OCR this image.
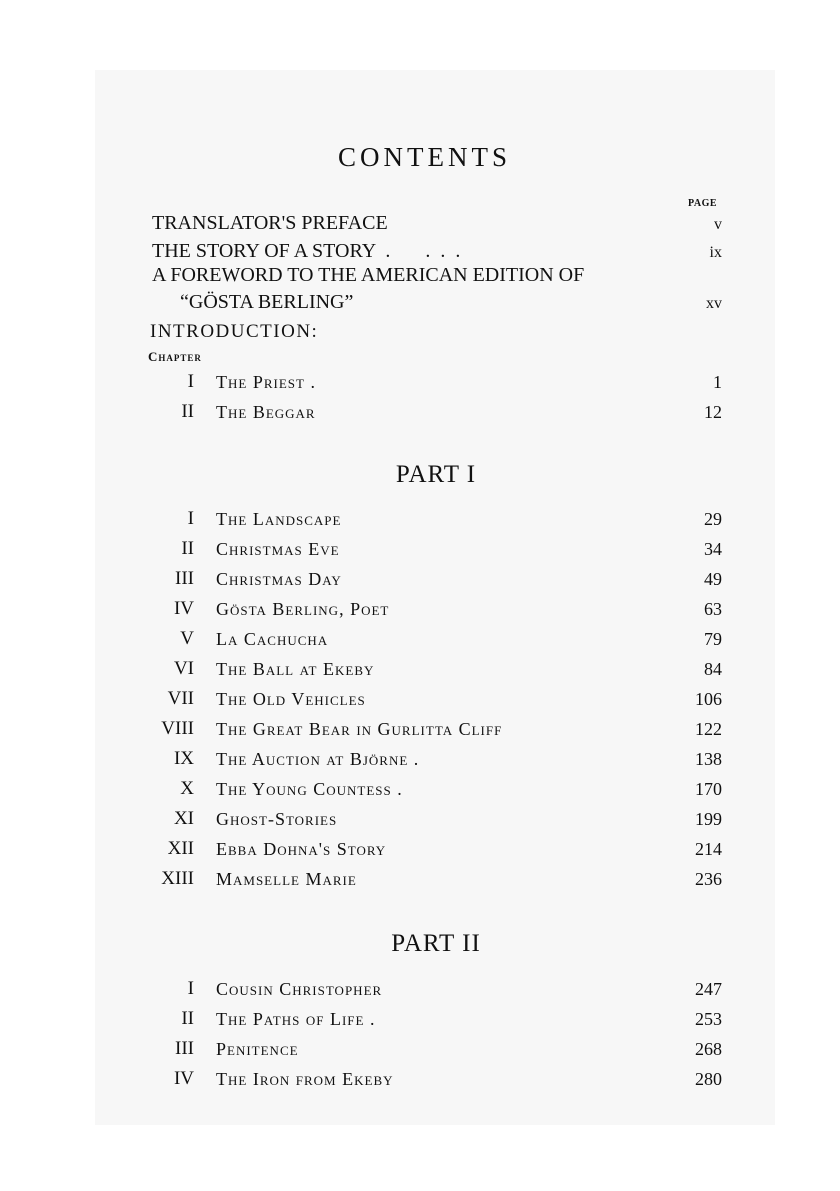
CONTENTS
PAGE
TRANSLATOR'S PREFACE	v
THE STORY OF A STORY  .       .  .  .	ix
A FOREWORD TO THE AMERICAN EDITION OF
“GÖSTA BERLING”	xv
INTRODUCTION:
Chapter
I The Priest .	1
II The Beggar	12
PART I
I The Landscape	29
II Christmas Eve	34
III Christmas Day	49
IV Gösta Berling, Poet	63
V La Cachucha	79
VI The Ball at Ekeby	84
VII The Old Vehicles	106
VIII The Great Bear in Gurlitta Cliff	122
IX The Auction at Björne .	138
X The Young Countess .	170
XI Ghost-Stories	199
XII Ebba Dohna's Story	214
XIII Mamselle Marie	236
PART II
I Cousin Christopher	247
II The Paths of Life .	253
III Penitence	268
IV The Iron from Ekeby	280
